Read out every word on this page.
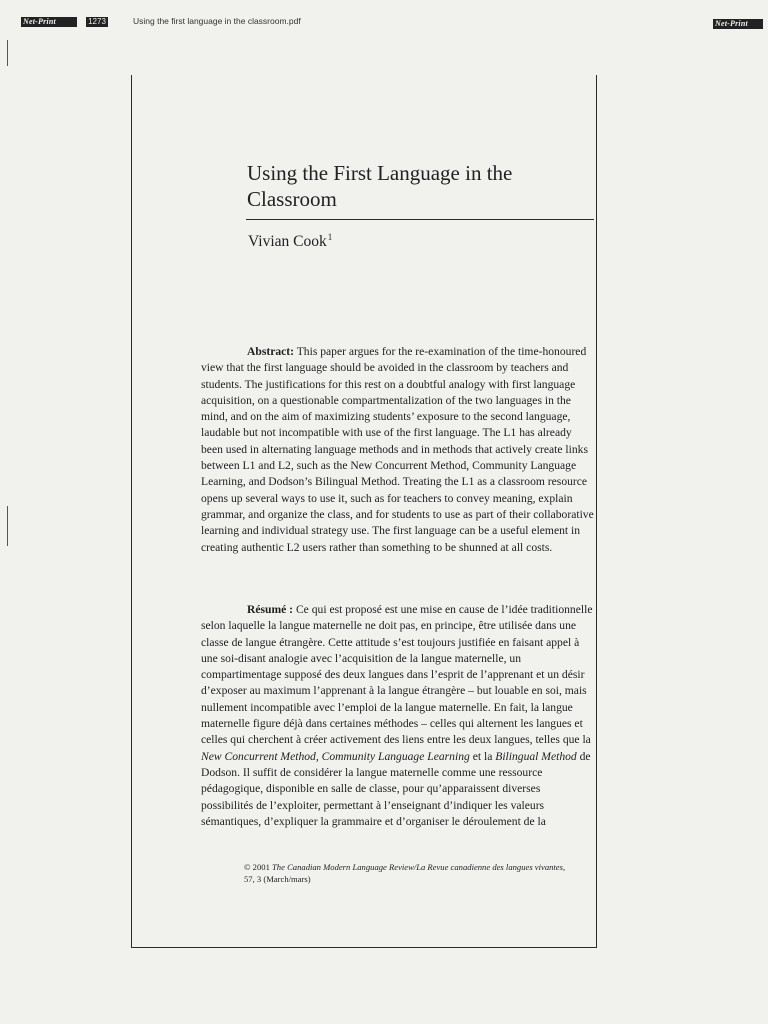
Net-Print	1273	Using the first language in the classroom.pdf	Net-Print
Using the First Language in the Classroom
Vivian Cook$^1$

Abstract: This paper argues for the re-examination of the time-honoured view that the first language should be avoided in the classroom by teachers and students. The justifications for this rest on a doubtful analogy with first language acquisition, on a questionable compartmentalization of the two languages in the mind, and on the aim of maximizing students’ exposure to the second language, laudable but not incompatible with use of the first language. The L1 has already been used in alternating language methods and in methods that actively create links between L1 and L2, such as the New Concurrent Method, Community Language Learning, and Dodson’s Bilingual Method. Treating the L1 as a classroom resource opens up several ways to use it, such as for teachers to convey meaning, explain grammar, and organize the class, and for students to use as part of their collaborative learning and individual strategy use. The first language can be a useful element in creating authentic L2 users rather than something to be shunned at all costs.

Résumé : Ce qui est proposé est une mise en cause de l’idée traditionnelle selon laquelle la langue maternelle ne doit pas, en principe, être utilisée dans une classe de langue étrangère. Cette attitude s’est toujours justifiée en faisant appel à une soi-disant analogie avec l’acquisition de la langue maternelle, un compartimentage supposé des deux langues dans l’esprit de l’apprenant et un désir d’exposer au maximum l’apprenant à la langue étrangère – but louable en soi, mais nullement incompatible avec l’emploi de la langue maternelle. En fait, la langue maternelle figure déjà dans certaines méthodes – celles qui alternent les langues et celles qui cherchent à créer activement des liens entre les deux langues, telles que la New Concurrent Method, Community Language Learning et la Bilingual Method de Dodson. Il suffit de considérer la langue maternelle comme une ressource pédagogique, disponible en salle de classe, pour qu’apparaissent diverses possibilités de l’exploiter, permettant à l’enseignant d’indiquer les valeurs sémantiques, d’expliquer la grammaire et d’organiser le déroulement de la

© 2001 The Canadian Modern Language Review/La Revue canadienne des langues vivantes,
57, 3 (March/mars)
